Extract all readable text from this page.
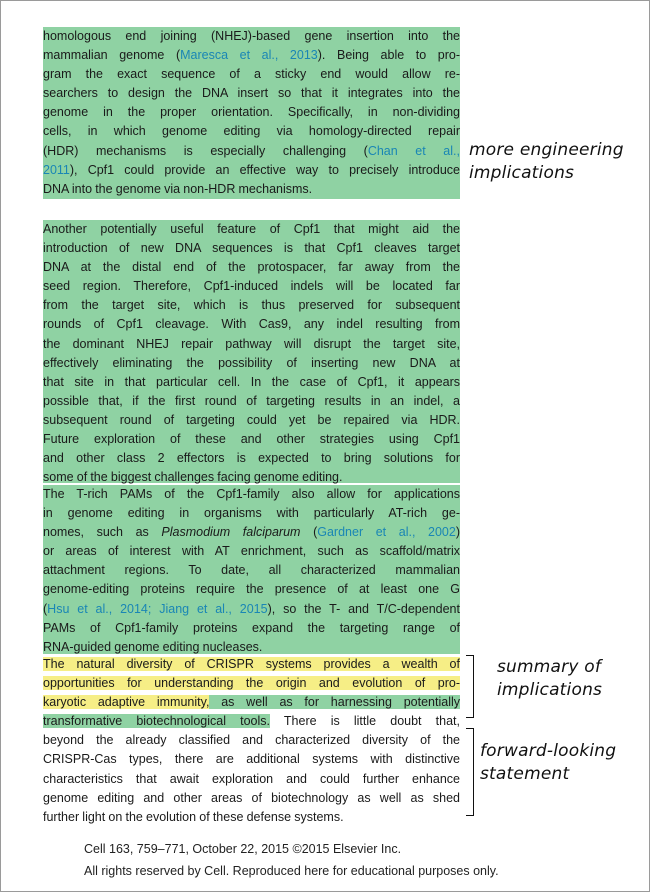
homologous end joining (NHEJ)-based gene insertion into the
mammalian genome (Maresca et al., 2013). Being able to pro-
gram the exact sequence of a sticky end would allow re-
searchers to design the DNA insert so that it integrates into the
genome in the proper orientation. Specifically, in non-dividing
cells, in which genome editing via homology-directed repair
(HDR) mechanisms is especially challenging (Chan et al.,
2011), Cpf1 could provide an effective way to precisely introduce
DNA into the genome via non-HDR mechanisms.
Another potentially useful feature of Cpf1 that might aid the
introduction of new DNA sequences is that Cpf1 cleaves target
DNA at the distal end of the protospacer, far away from the
seed region. Therefore, Cpf1-induced indels will be located far
from the target site, which is thus preserved for subsequent
rounds of Cpf1 cleavage. With Cas9, any indel resulting from
the dominant NHEJ repair pathway will disrupt the target site,
effectively eliminating the possibility of inserting new DNA at
that site in that particular cell. In the case of Cpf1, it appears
possible that, if the first round of targeting results in an indel, a
subsequent round of targeting could yet be repaired via HDR.
Future exploration of these and other strategies using Cpf1
and other class 2 effectors is expected to bring solutions for
some of the biggest challenges facing genome editing.
The T-rich PAMs of the Cpf1-family also allow for applications
in genome editing in organisms with particularly AT-rich ge-
nomes, such as Plasmodium falciparum (Gardner et al., 2002)
or areas of interest with AT enrichment, such as scaffold/matrix
attachment regions. To date, all characterized mammalian
genome-editing proteins require the presence of at least one G
(Hsu et al., 2014; Jiang et al., 2015), so the T- and T/C-dependent
PAMs of Cpf1-family proteins expand the targeting range of
RNA-guided genome editing nucleases.
The natural diversity of CRISPR systems provides a wealth of
opportunities for understanding the origin and evolution of pro-
karyotic adaptive immunity, as well as for harnessing potentially
transformative biotechnological tools. There is little doubt that,
beyond the already classified and characterized diversity of the
CRISPR-Cas types, there are additional systems with distinctive
characteristics that await exploration and could further enhance
genome editing and other areas of biotechnology as well as shed
further light on the evolution of these defense systems.
more engineering
implications
summary of
implications
forward-looking
statement
Cell 163, 759–771, October 22, 2015 ©2015 Elsevier Inc.
All rights reserved by Cell. Reproduced here for educational purposes only.
